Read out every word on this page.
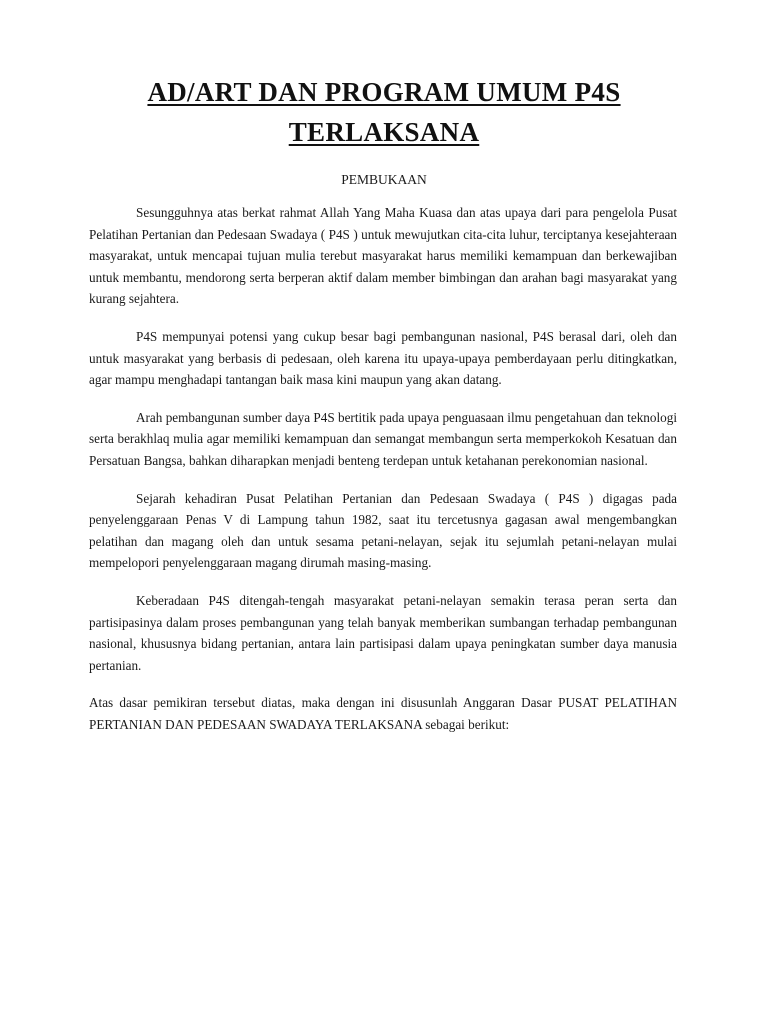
AD/ART DAN PROGRAM UMUM P4S
TERLAKSANA

PEMBUKAAN

Sesungguhnya atas berkat rahmat Allah Yang Maha Kuasa dan atas upaya dari para pengelola Pusat Pelatihan Pertanian dan Pedesaan Swadaya ( P4S ) untuk mewujutkan cita-cita luhur, terciptanya kesejahteraan masyarakat, untuk mencapai tujuan mulia terebut masyarakat harus memiliki kemampuan dan berkewajiban untuk membantu, mendorong serta berperan aktif dalam member bimbingan dan arahan bagi masyarakat yang kurang sejahtera.

P4S mempunyai potensi yang cukup besar bagi pembangunan nasional, P4S berasal dari, oleh dan untuk masyarakat yang berbasis di pedesaan, oleh karena itu upaya-upaya pemberdayaan perlu ditingkatkan, agar mampu menghadapi tantangan baik masa kini maupun yang akan datang.

Arah pembangunan sumber daya P4S bertitik pada upaya penguasaan ilmu pengetahuan dan teknologi serta berakhlaq mulia agar memiliki kemampuan dan semangat membangun serta memperkokoh Kesatuan dan Persatuan Bangsa, bahkan diharapkan menjadi benteng terdepan untuk ketahanan perekonomian nasional.

Sejarah kehadiran Pusat Pelatihan Pertanian dan Pedesaan Swadaya ( P4S ) digagas pada penyelenggaraan Penas V di Lampung tahun 1982, saat itu tercetusnya gagasan awal mengembangkan pelatihan dan magang oleh dan untuk sesama petani-nelayan, sejak itu sejumlah petani-nelayan mulai mempelopori penyelenggaraan magang dirumah masing-masing.

Keberadaan P4S ditengah-tengah masyarakat petani-nelayan semakin terasa peran serta dan partisipasinya dalam proses pembangunan yang telah banyak memberikan sumbangan terhadap pembangunan nasional, khususnya bidang pertanian, antara lain partisipasi dalam upaya peningkatan sumber daya manusia pertanian.

Atas dasar pemikiran tersebut diatas, maka dengan ini disusunlah Anggaran Dasar PUSAT PELATIHAN PERTANIAN DAN PEDESAAN SWADAYA TERLAKSANA sebagai berikut:
